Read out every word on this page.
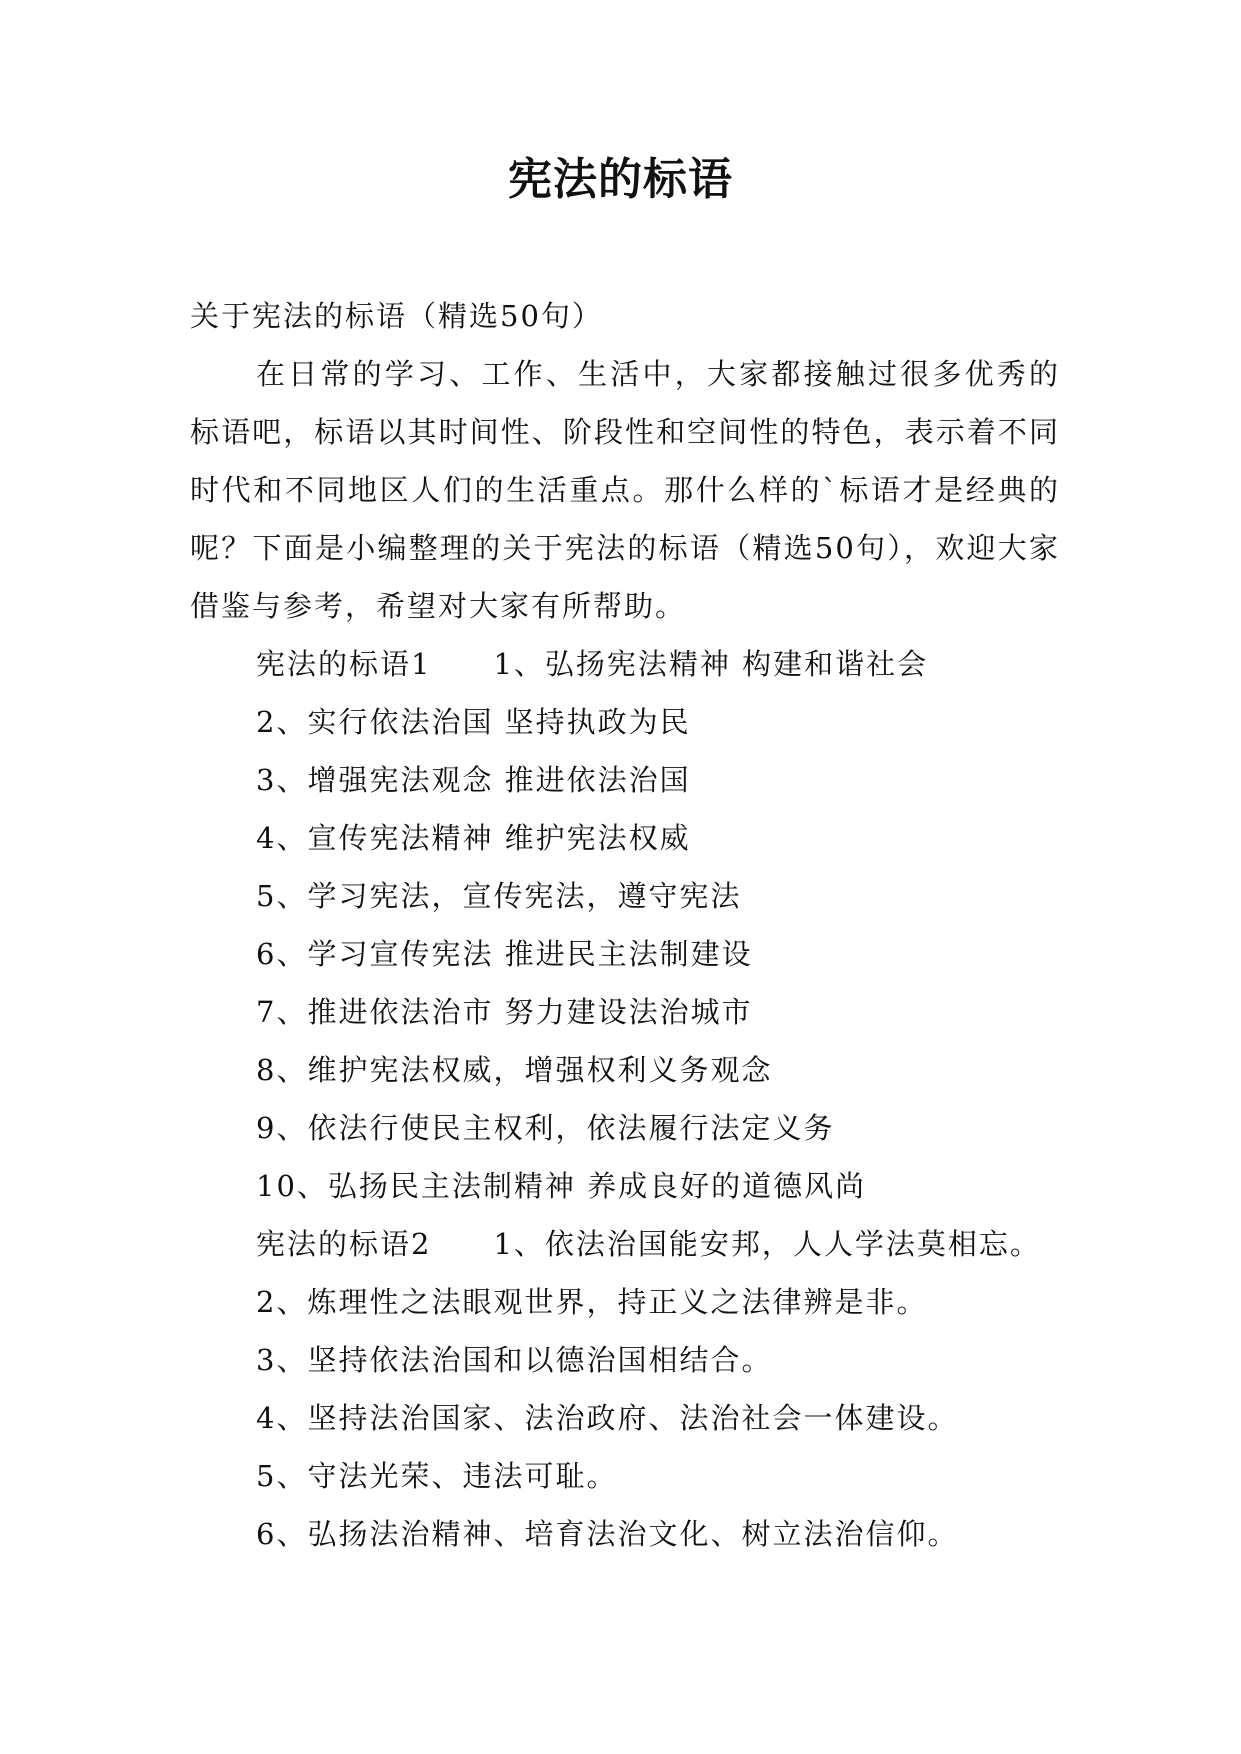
宪法的标语

关于宪法的标语（精选50句）

在日常的学习、工作、生活中，大家都接触过很多优秀的标语吧，标语以其时间性、阶段性和空间性的特色，表示着不同时代和不同地区人们的生活重点。那什么样的`标语才是经典的呢？下面是小编整理的关于宪法的标语（精选50句），欢迎大家借鉴与参考，希望对大家有所帮助。

宪法的标语1 1、弘扬宪法精神 构建和谐社会

2、实行依法治国 坚持执政为民

3、增强宪法观念 推进依法治国

4、宣传宪法精神 维护宪法权威

5、学习宪法，宣传宪法，遵守宪法

6、学习宣传宪法 推进民主法制建设

7、推进依法治市 努力建设法治城市

8、维护宪法权威，增强权利义务观念

9、依法行使民主权利，依法履行法定义务

10、弘扬民主法制精神 养成良好的道德风尚

宪法的标语2 1、依法治国能安邦，人人学法莫相忘。

2、炼理性之法眼观世界，持正义之法律辨是非。

3、坚持依法治国和以德治国相结合。

4、坚持法治国家、法治政府、法治社会一体建设。

5、守法光荣、违法可耻。

6、弘扬法治精神、培育法治文化、树立法治信仰。
